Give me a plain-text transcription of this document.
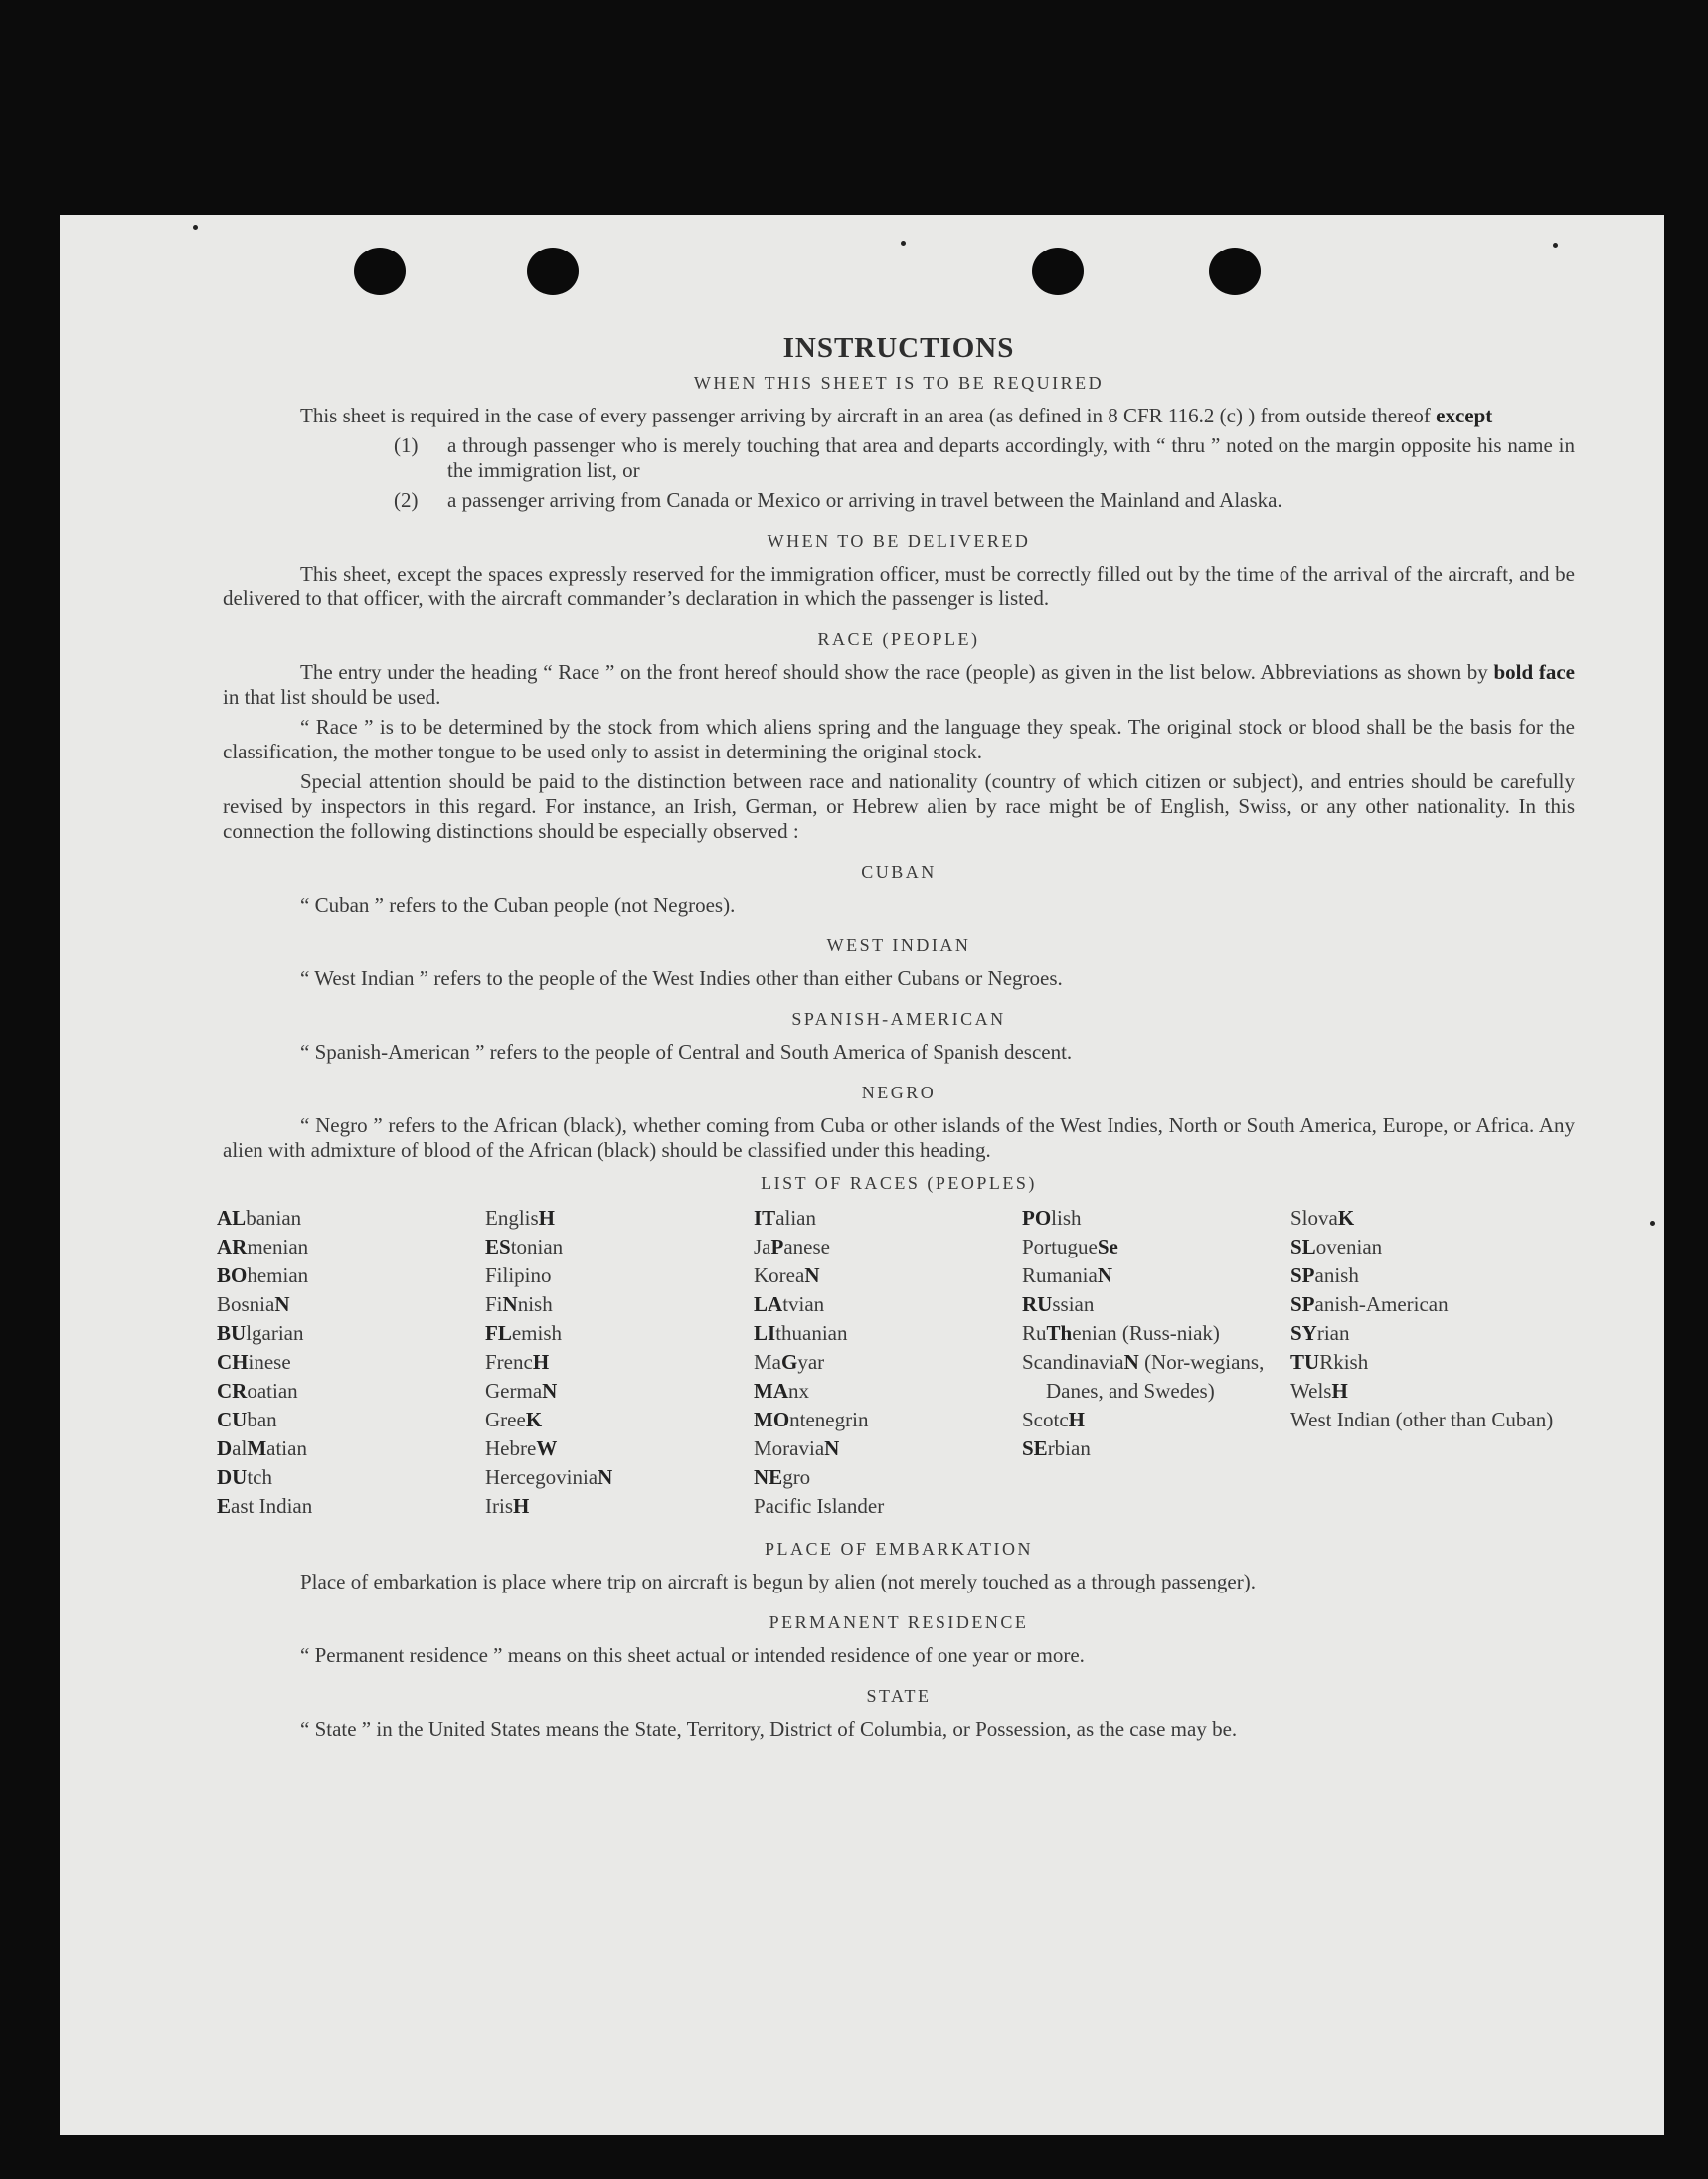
INSTRUCTIONS
WHEN THIS SHEET IS TO BE REQUIRED

This sheet is required in the case of every passenger arriving by aircraft in an area (as defined in 8 CFR 116.2 (c) ) from outside thereof except

(1) a through passenger who is merely touching that area and departs accordingly, with “ thru ” noted on the margin opposite his name in the immigration list, or
(2) a passenger arriving from Canada or Mexico or arriving in travel between the Mainland and Alaska.
WHEN TO BE DELIVERED

This sheet, except the spaces expressly reserved for the immigration officer, must be correctly filled out by the time of the arrival of the aircraft, and be delivered to that officer, with the aircraft commander’s declaration in which the passenger is listed.

RACE (PEOPLE)

The entry under the heading “ Race ” on the front hereof should show the race (people) as given in the list below. Abbreviations as shown by bold face in that list should be used.

“ Race ” is to be determined by the stock from which aliens spring and the language they speak. The original stock or blood shall be the basis for the classification, the mother tongue to be used only to assist in determining the original stock.

Special attention should be paid to the distinction between race and nationality (country of which citizen or subject), and entries should be carefully revised by inspectors in this regard. For instance, an Irish, German, or Hebrew alien by race might be of English, Swiss, or any other nationality. In this connection the following distinctions should be especially observed :

CUBAN

“ Cuban ” refers to the Cuban people (not Negroes).

WEST INDIAN

“ West Indian ” refers to the people of the West Indies other than either Cubans or Negroes.

SPANISH-AMERICAN

“ Spanish-American ” refers to the people of Central and South America of Spanish descent.

NEGRO

“ Negro ” refers to the African (black), whether coming from Cuba or other islands of the West Indies, North or South America, Europe, or Africa. Any alien with admixture of blood of the African (black) should be classified under this heading.

LIST OF RACES (PEOPLES)
ALbanian
ARmenian
BOhemian
BosniaN
BUlgarian
CHinese
CRoatian
CUban
DalMatian
DUtch
East Indian
EnglisH
EStonian
Filipino
FiNnish
FLemish
FrencH
GermaN
GreeK
HebreW
HercegoviniaN
IrisH
ITalian
JaPanese
KoreaN
LAtvian
LIthuanian
MaGyar
MAnx
MOntenegrin
MoraviaN
NEgro
Pacific Islander
POlish
PortugueSe
RumaniaN
RUssian
RuThenian (Russ-niak)
ScandinaviaN (Nor-wegians, Danes, and Swedes)
ScotcH
SErbian
SlovaK
SLovenian
SPanish
SPanish-American
SYrian
TURkish
WelsH
West Indian (other than Cuban)
PLACE OF EMBARKATION

Place of embarkation is place where trip on aircraft is begun by alien (not merely touched as a through passenger).

PERMANENT RESIDENCE

“ Permanent residence ” means on this sheet actual or intended residence of one year or more.

STATE

“ State ” in the United States means the State, Territory, District of Columbia, or Possession, as the case may be.
